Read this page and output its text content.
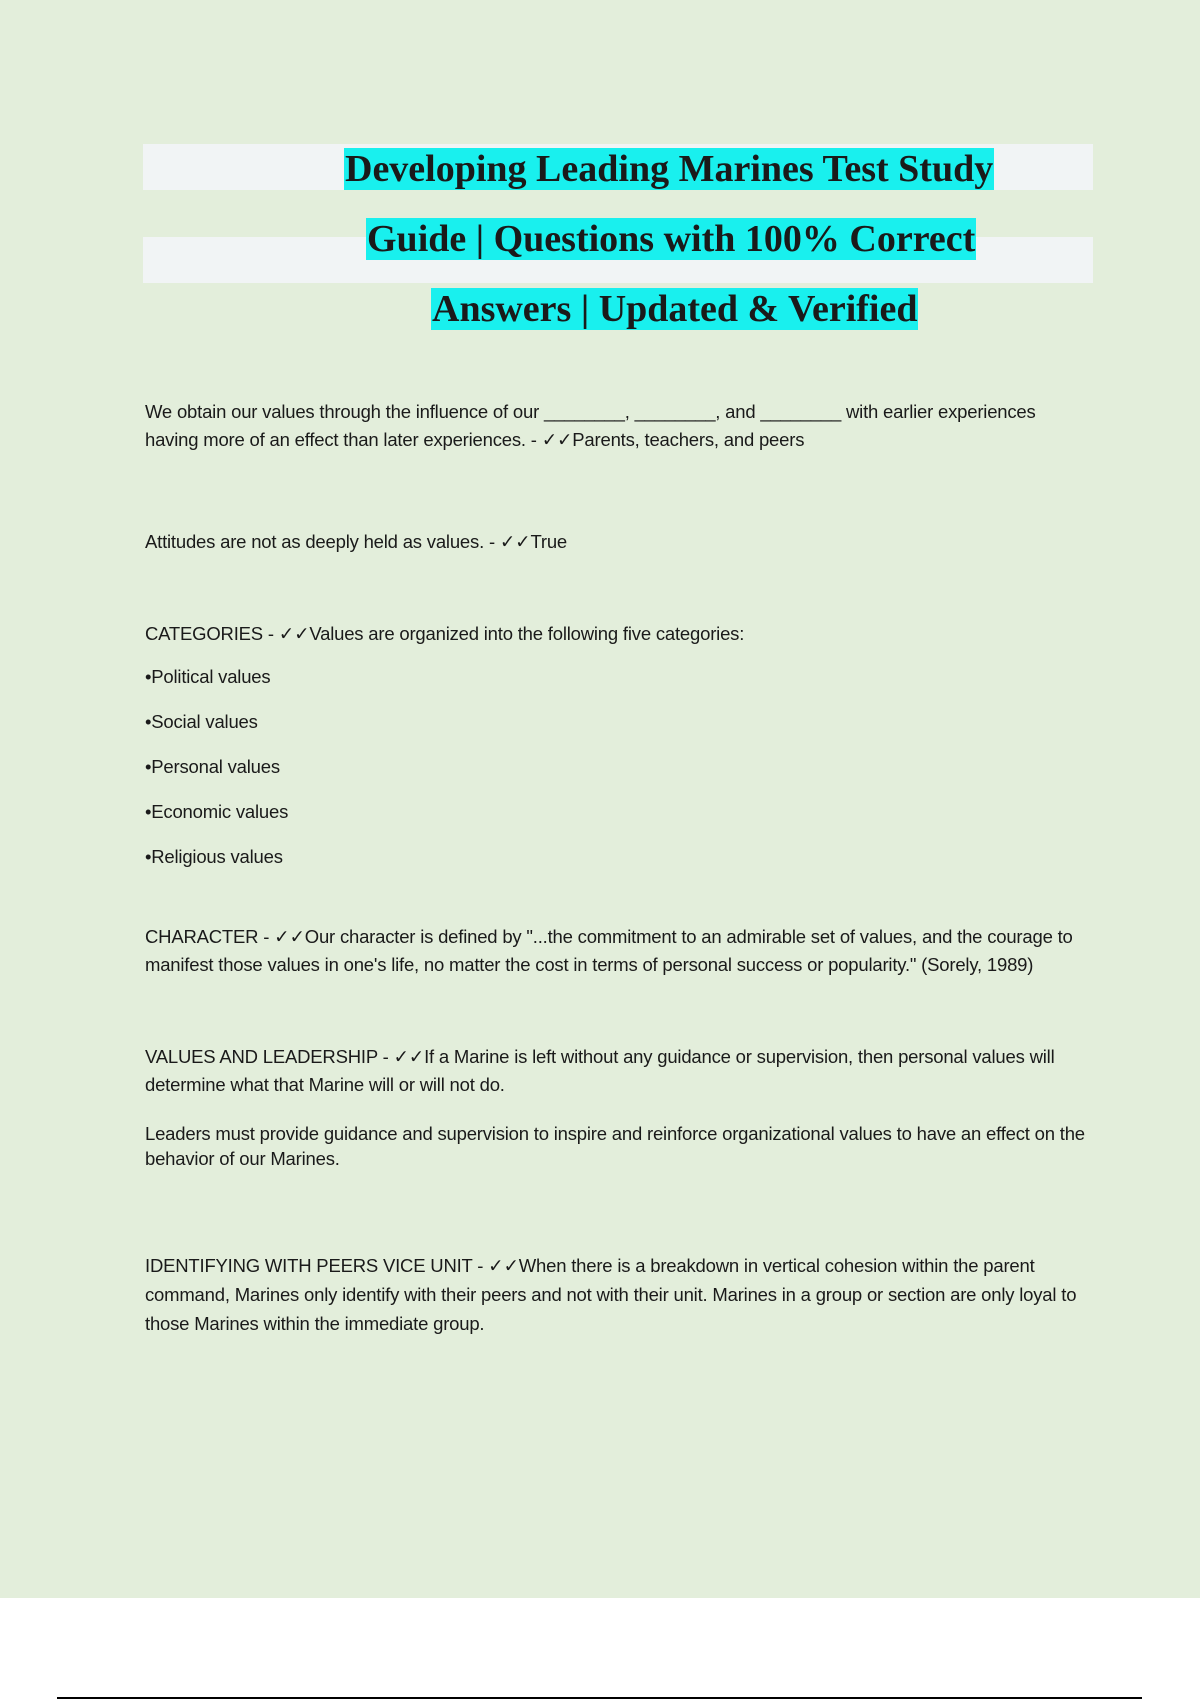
Developing Leading Marines Test Study
Guide | Questions with 100% Correct
Answers | Updated & Verified

We obtain our values through the influence of our ________, ________, and ________ with earlier experiences having more of an effect than later experiences. - ✓✓Parents, teachers, and peers

Attitudes are not as deeply held as values. - ✓✓True

CATEGORIES - ✓✓Values are organized into the following five categories:

•Political values

•Social values

•Personal values

•Economic values

•Religious values

CHARACTER - ✓✓Our character is defined by "...the commitment to an admirable set of values, and the courage to manifest those values in one's life, no matter the cost in terms of personal success or popularity." (Sorely, 1989)

VALUES AND LEADERSHIP - ✓✓If a Marine is left without any guidance or supervision, then personal values will determine what that Marine will or will not do.

Leaders must provide guidance and supervision to inspire and reinforce organizational values to have an effect on the behavior of our Marines.

IDENTIFYING WITH PEERS VICE UNIT - ✓✓When there is a breakdown in vertical cohesion within the parent command, Marines only identify with their peers and not with their unit. Marines in a group or section are only loyal to those Marines within the immediate group.
